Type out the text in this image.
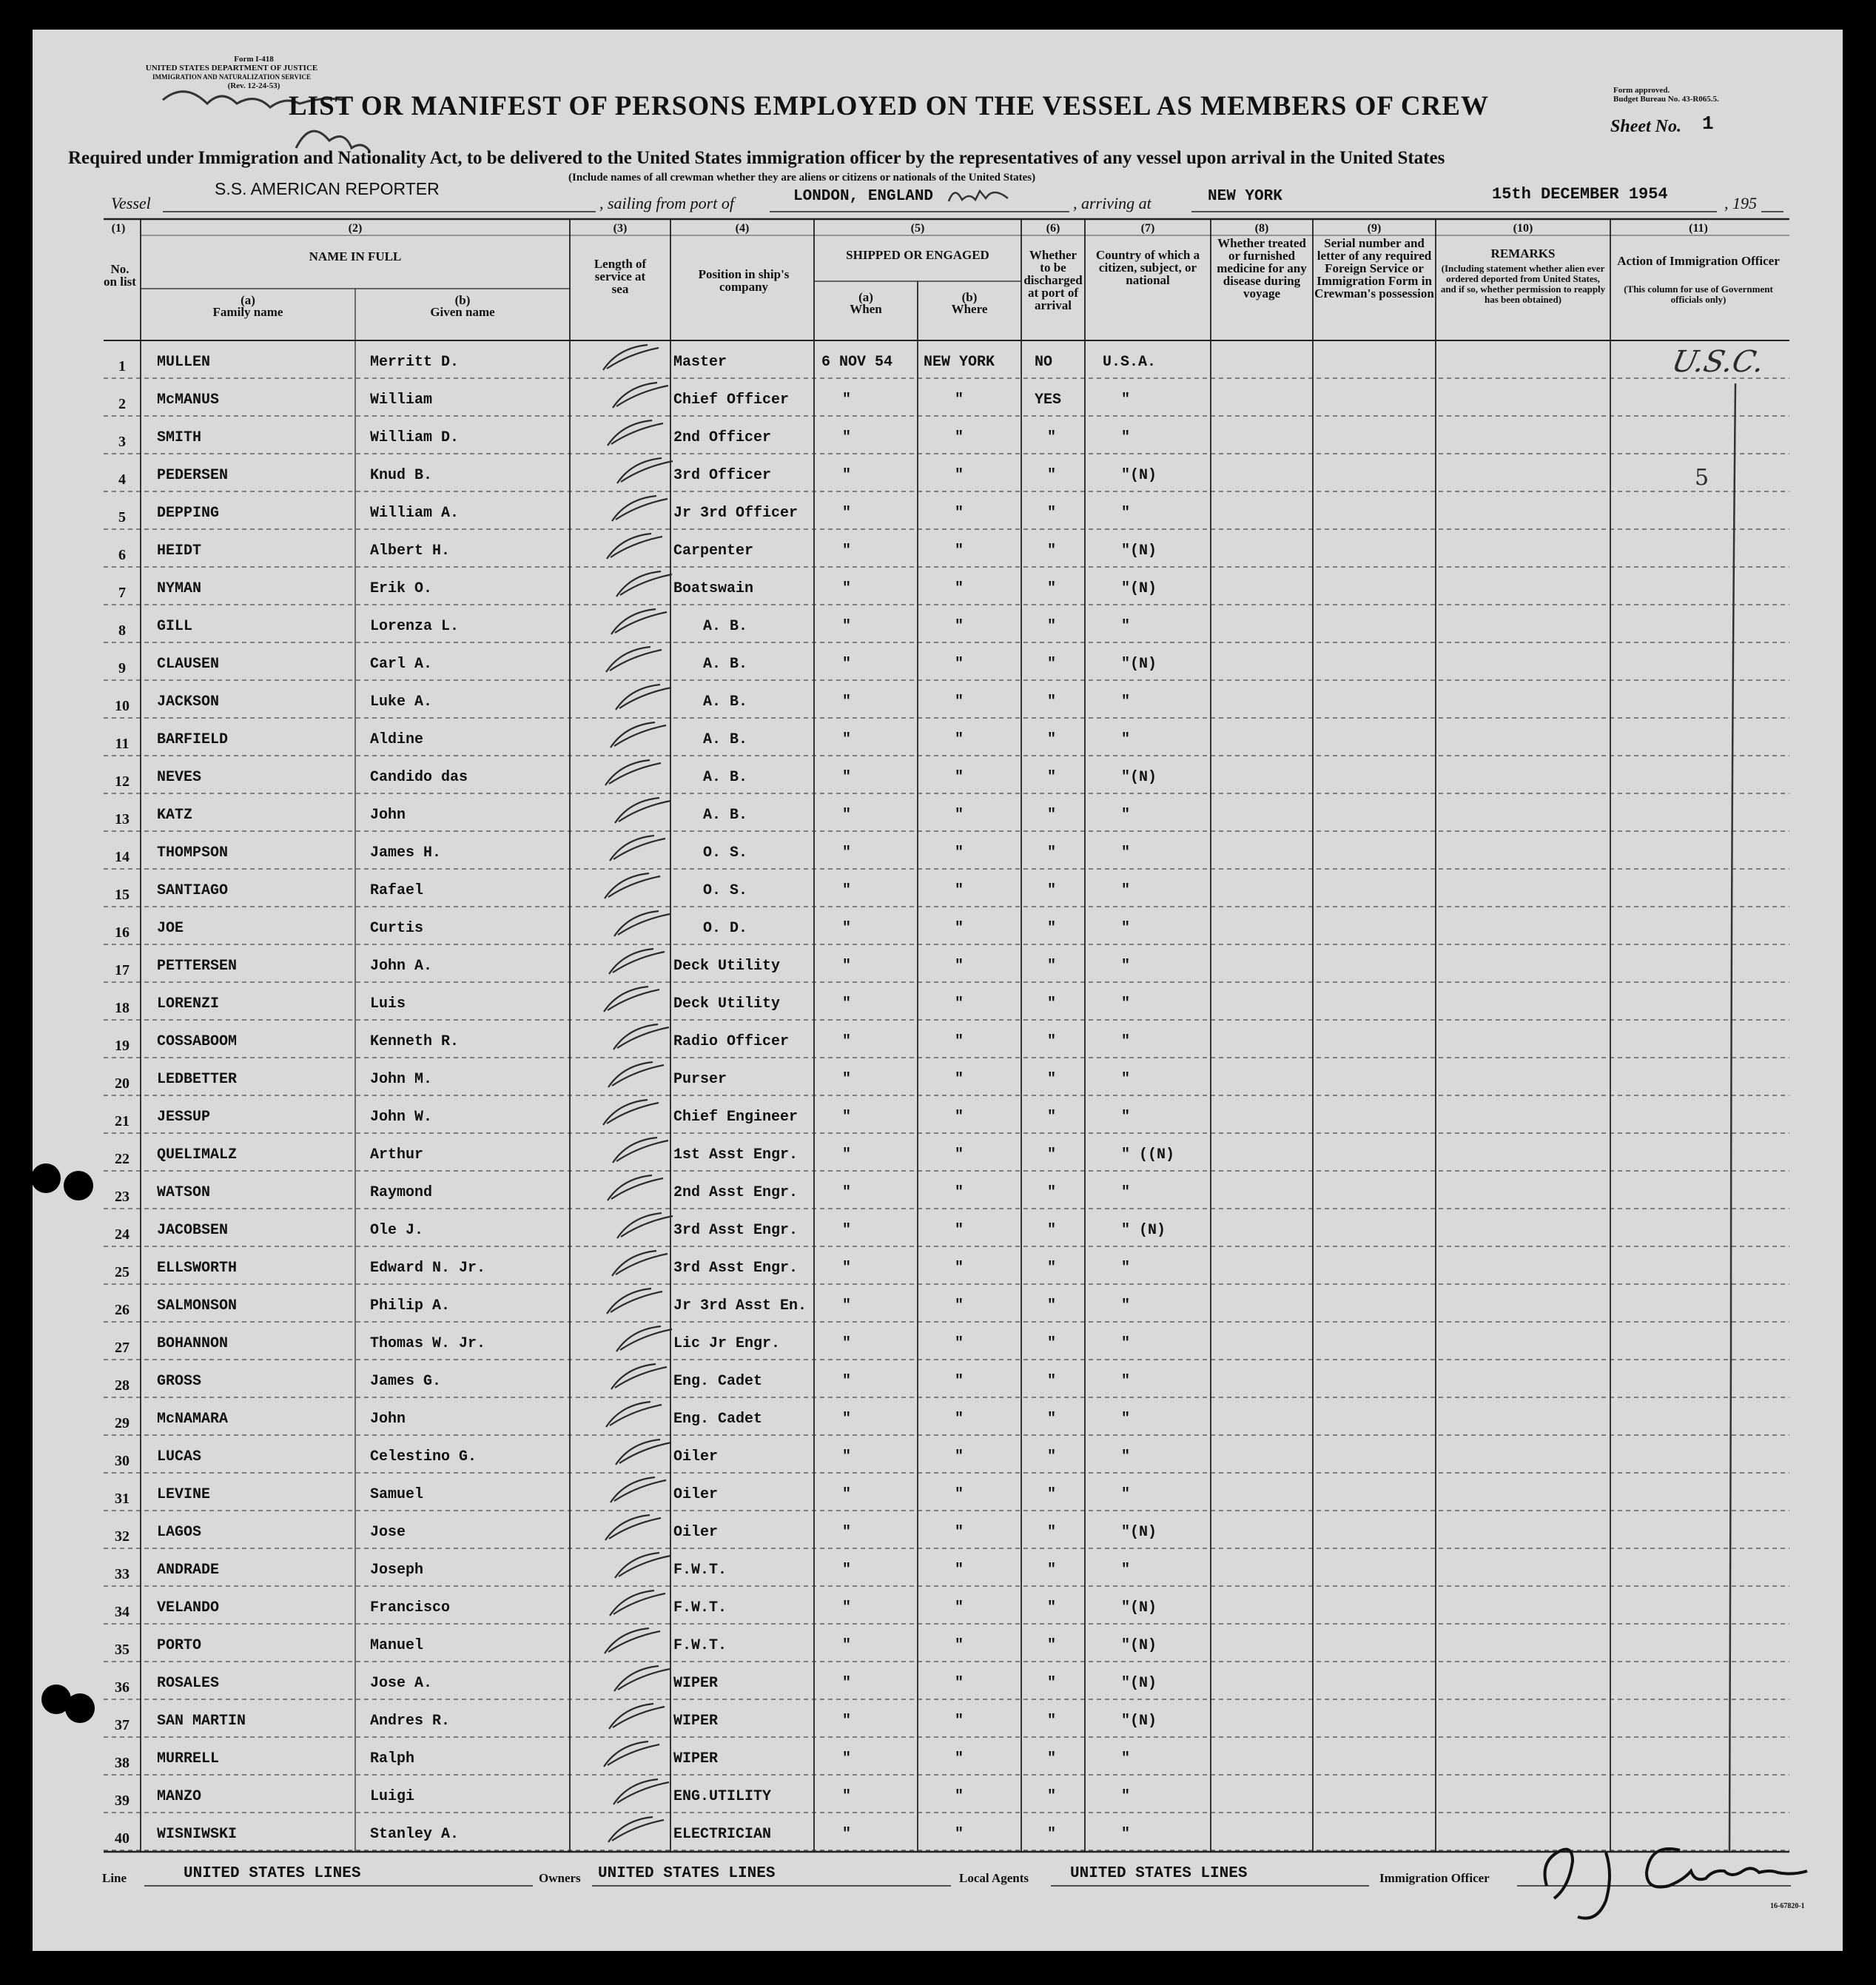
Form I-418
UNITED STATES DEPARTMENT OF JUSTICE
IMMIGRATION AND NATURALIZATION SERVICE
(Rev. 12-24-53)	Form approved.
Budget Bureau No. 43-R065.5.
LIST OR MANIFEST OF PERSONS EMPLOYED ON THE VESSEL AS MEMBERS OF CREW
Sheet No. 1
Required under Immigration and Nationality Act, to be delivered to the United States immigration officer by the representatives of any vessel upon arrival in the United States
(Include names of all crewman whether they are aliens or citizens or nationals of the United States)
Vessel
S.S. AMERICAN REPORTER
, sailing from port of	LONDON, ENGLAND	, arriving at	NEW YORK	15th DECEMBER 1954	, 195
(1)
No. on list
(2)
NAME IN FULL
(a)
Family name
(b)
Given name
(3)
Length of service at sea
(4)
Position in ship's company
(5)
SHIPPED OR ENGAGED
(a)
When
(b)
Where
(6)
Whether to be discharged at port of arrival
(7)
Country of which a citizen, subject, or national
(8)
Whether treated or furnished medicine for any disease during voyage
(9)
Serial number and letter of any required Foreign Service or Immigration Form in Crewman's possession
(10)
REMARKS
(Including statement whether alien ever ordered deported from United States, and if so, whether permission to reapply has been obtained)
(11)
Action of Immigration Officer
(This column for use of Government officials only)
1	MULLEN	Merritt D.	Master	6 NOV 54 NEW YORK	NO	U.S.A.
2	McMANUS	William	Chief Officer	"	"	YES	"
3	SMITH	William D.	2nd Officer	"	"	"	"
4	PEDERSEN	Knud B.	3rd Officer	"	"	"	"(N)
5	DEPPING	William A.	Jr 3rd Officer	"	"	"	"
6	HEIDT	Albert H.	Carpenter	"	"	"	"(N)
7	NYMAN	Erik O.	Boatswain	"	"	"	"(N)
8	GILL	Lorenza L.	A. B.	"	"	"	"
9	CLAUSEN	Carl A.	A. B.	"	"	"	"(N)
10	JACKSON	Luke A.	A. B.	"	"	"	"
11	BARFIELD	Aldine	A. B.	"	"	"	"
12	NEVES	Candido das	A. B.	"	"	"	"(N)
13	KATZ	John	A. B.	"	"	"	"
14	THOMPSON	James H.	O. S.	"	"	"	"
15	SANTIAGO	Rafael	O. S.	"	"	"	"
16	JOE	Curtis	O. D.	"	"	"	"
17	PETTERSEN	John A.	Deck Utility	"	"	"	"
18	LORENZI	Luis	Deck Utility	"	"	"	"
19	COSSABOOM	Kenneth R.	Radio Officer	"	"	"	"
20	LEDBETTER	John M.	Purser	"	"	"	"
21	JESSUP	John W.	Chief Engineer	"	"	"	"
22	QUELIMALZ	Arthur	1st Asst Engr.	"	"	"	" ((N)
23	WATSON	Raymond	2nd Asst Engr.	"	"	"	"
24	JACOBSEN	Ole J.	3rd Asst Engr.	"	"	"	" (N)
25	ELLSWORTH	Edward N. Jr.	3rd Asst Engr.	"	"	"	"
26	SALMONSON	Philip A.	Jr 3rd Asst En. "	"	"	"
27	BOHANNON	Thomas W. Jr.	Lic Jr Engr.	"	"	"	"
28	GROSS	James G.	Eng. Cadet	"	"	"	"
29	McNAMARA	John	Eng. Cadet	"	"	"	"
30	LUCAS	Celestino G.	Oiler	"	"	"	"
31	LEVINE	Samuel	Oiler	"	"	"	"
32	LAGOS	Jose	Oiler	"	"	"	"(N)
33	ANDRADE	Joseph	F.W.T.	"	"	"	"
34	VELANDO	Francisco	F.W.T.	"	"	"	"(N)
35	PORTO	Manuel	F.W.T.	"	"	"	"(N)
36	ROSALES	Jose A.	WIPER	"	"	"	"(N)
37	SAN MARTIN	Andres R.	WIPER	"	"	"	"(N)
38	MURRELL	Ralph	WIPER	"	"	"	"
39	MANZO	Luigi	ENG.UTILITY	"	"	"	"
40	WISNIWSKI	Stanley A.	ELECTRICIAN	"	"	"	"
U.S.C.
5
Line	UNITED STATES LINES	Owners UNITED STATES LINES	Local Agents	UNITED STATES LINES	Immigration Officer
16-67820-1
